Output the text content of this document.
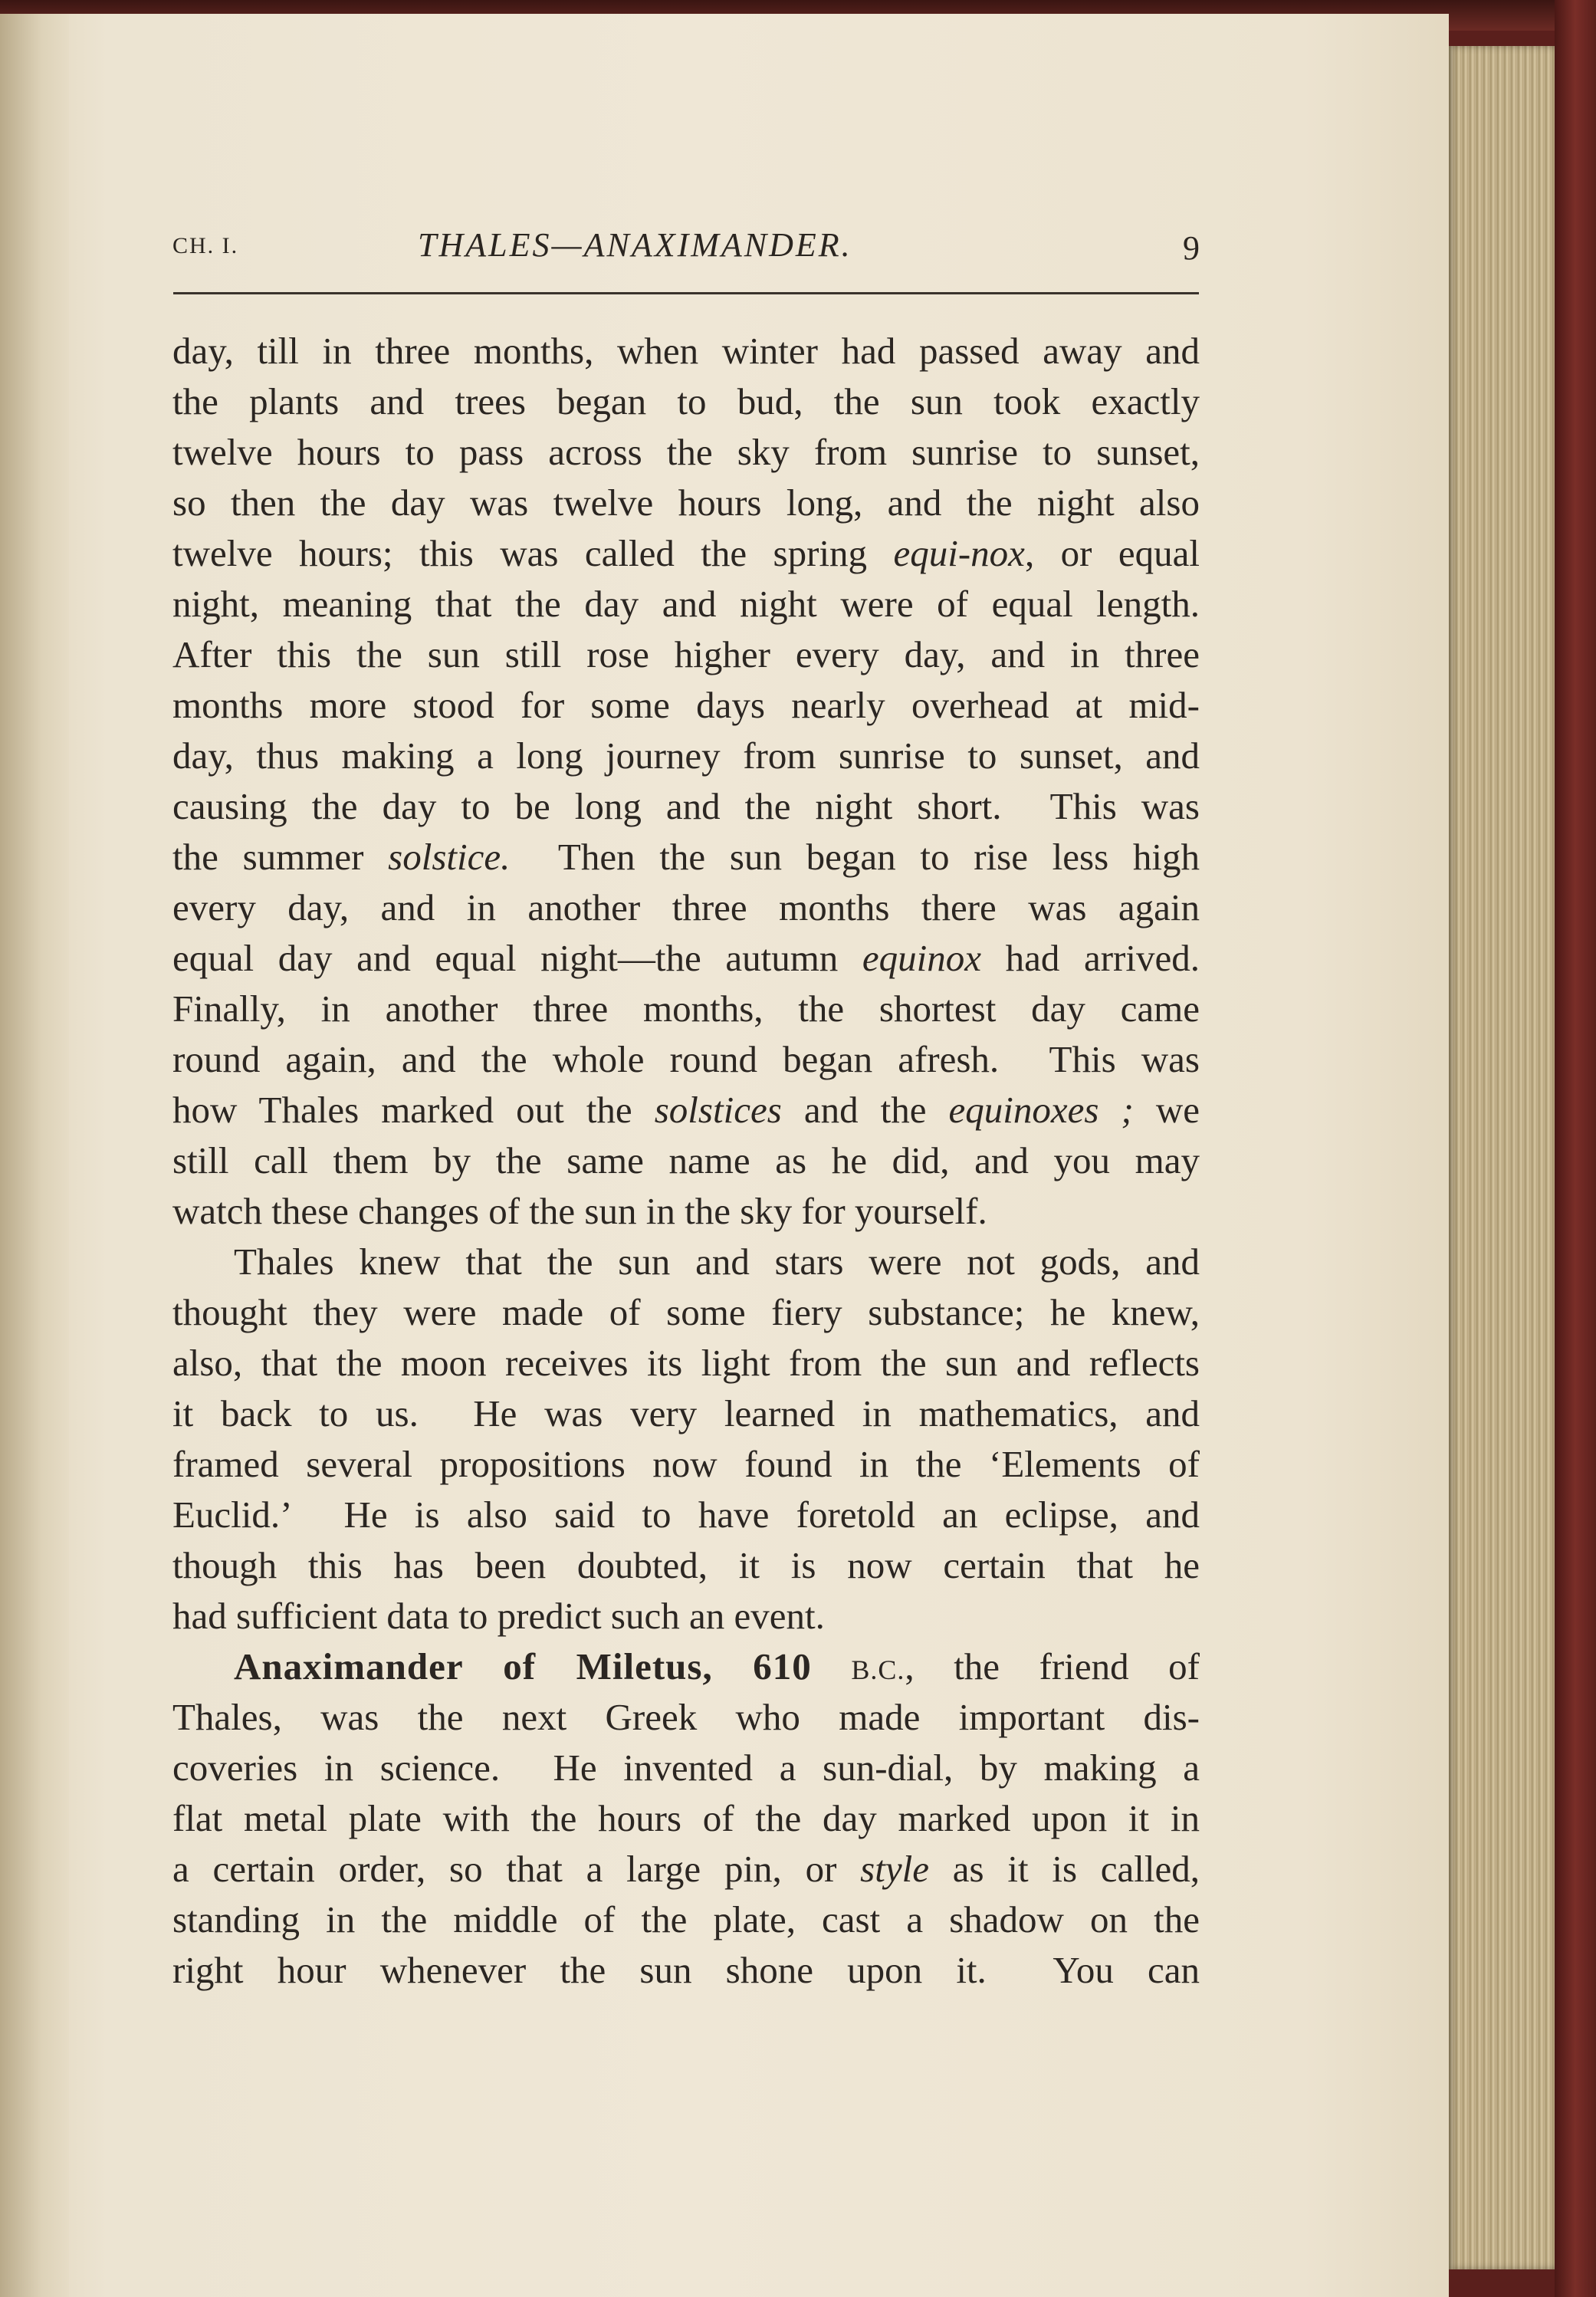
CH. I.	THALES—ANAXIMANDER.	9
day, till in three months, when winter had passed away and
the plants and trees began to bud, the sun took exactly
twelve hours to pass across the sky from sunrise to sunset,
so then the day was twelve hours long, and the night also
twelve hours; this was called the spring equi-nox, or equal
night, meaning that the day and night were of equal length.
After this the sun still rose higher every day, and in three
months more stood for some days nearly overhead at mid-
day, thus making a long journey from sunrise to sunset, and
causing the day to be long and the night short.  This was
the summer solstice.  Then the sun began to rise less high
every day, and in another three months there was again
equal day and equal night—the autumn equinox had arrived.
Finally, in another three months, the shortest day came
round again, and the whole round began afresh.  This was
how Thales marked out the solstices and the equinoxes ; we
still call them by the same name as he did, and you may
watch these changes of the sun in the sky for yourself.
Thales knew that the sun and stars were not gods, and
thought they were made of some fiery substance; he knew,
also, that the moon receives its light from the sun and reflects
it back to us.  He was very learned in mathematics, and
framed several propositions now found in the ‘Elements of
Euclid.’  He is also said to have foretold an eclipse, and
though this has been doubted, it is now certain that he
had sufficient data to predict such an event.
Anaximander of Miletus, 610 B.C., the friend of
Thales, was the next Greek who made important dis-
coveries in science.  He invented a sun-dial, by making a
flat metal plate with the hours of the day marked upon it in
a certain order, so that a large pin, or style as it is called,
standing in the middle of the plate, cast a shadow on the
right hour whenever the sun shone upon it.  You can
